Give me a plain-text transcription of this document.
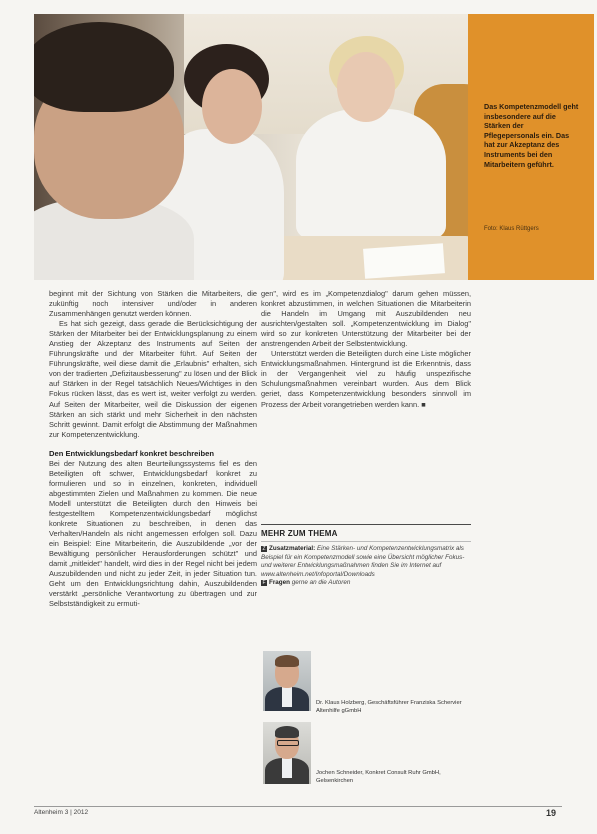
Das Kompetenzmodell geht insbesondere auf die Stärken der Pflegepersonals ein. Das hat zur Akzeptanz des Instruments bei den Mitarbeitern geführt.
Foto: Klaus Rüttgers

beginnt mit der Sichtung von Stärken die Mitarbeiters, die zukünftig noch intensiver und/oder in anderen Zusammenhängen genutzt werden können.

Es hat sich gezeigt, dass gerade die Berücksichtigung der Stärken der Mitarbeiter bei der Entwicklungsplanung zu einem Anstieg der Akzeptanz des Instruments auf Seiten der Führungskräfte und der Mitarbeiter führt. Auf Seiten der Führungskräfte, weil diese damit die „Erlaubnis" erhalten, sich von der tradierten „Defizitausbesserung" zu lösen und der Blick auf Stärken in der Regel tatsächlich Neues/Wichtiges in den Fokus rücken lässt, das es wert ist, weiter verfolgt zu werden. Auf Seiten der Mitarbeiter, weil die Diskussion der eigenen Stärken an sich stärkt und mehr Sicherheit in den nächsten Schritt gewinnt. Damit erfolgt die Abstimmung der Maßnahmen zur Kompetenzentwicklung.

Den Entwicklungsbedarf konkret beschreiben

Bei der Nutzung des alten Beurteilungssystems fiel es den Beteiligten oft schwer, Entwicklungsbedarf konkret zu formulieren und so in einzelnen, konkreten, individuell abgestimmten Zielen und Maßnahmen zu kommen. Die neue Modell unterstützt die Beteiligten durch den Hinweis bei festgestelltem Kompetenzentwicklungsbedarf möglichst konkrete Situationen zu beschreiben, in denen das Verhalten/Handeln als nicht angemessen erfolgen soll. Dazu ein Beispiel: Eine Mitarbeiterin, die Auszubildende „vor der Bewältigung persönlicher Herausforderungen schützt" und damit „mitleidet" handelt, wird dies in der Regel nicht bei jedem Auszubildenden und nicht zu jeder Zeit, in jeder Situation tun. Geht um den Entwicklungsrichtung dahin, Auszubildenden verstärkt „persönliche Verantwortung zu übertragen und zur Selbstständigkeit zu ermuti-

gen", wird es im „Kompetenzdialog" darum gehen müssen, konkret abzustimmen, in welchen Situationen die Mitarbeiterin die Handeln im Umgang mit Auszubildenden neu ausrichten/gestalten soll. „Kompetenzentwicklung im Dialog" wird so zur konkreten Unterstützung der Mitarbeiter bei der anstrengenden Arbeit der Selbstentwicklung.

Unterstützt werden die Beteiligten durch eine Liste möglicher Entwicklungsmaßnahmen. Hintergrund ist die Erkenntnis, dass in der Vergangenheit viel zu häufig unspezifische Schulungsmaßnahmen vereinbart wurden. Aus dem Blick geriet, dass Kompetenzentwicklung besonders sinnvoll im Prozess der Arbeit vorangetrieben werden kann. ■

MEHR ZUM THEMA
Z Zusatzmaterial: Eine Stärken- und Kompetenzentwicklungsmatrix als Beispiel für ein Kompetenzmodell sowie eine Übersicht möglicher Fokus- und weiterer Entwicklungsmaßnahmen finden Sie im Internet auf www.altenheim.net/Infoportal/Downloads
F Fragen gerne an die Autoren
Dr. Klaus Holzberg, Geschäftsführer Franziska Schervier Altenhilfe gGmbH
Jochen Schneider, Konkret Consult Ruhr GmbH, Gelsenkirchen
Altenheim 3 | 2012	19
